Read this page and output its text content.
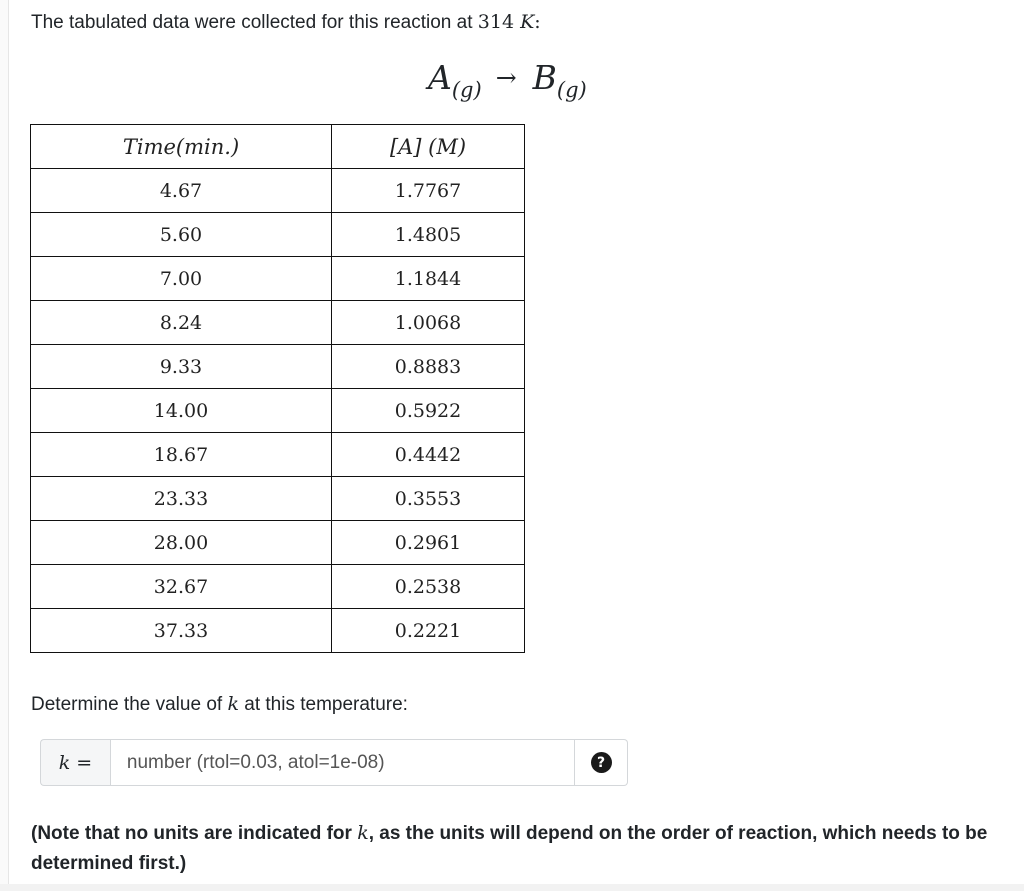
The tabulated data were collected for this reaction at 314 K:
$A_{(g)} \to B_{(g)}$
Time(min.)	[A] (M)
4.67	1.7767
5.60	1.4805
7.00	1.1844
8.24	1.0068
9.33	0.8883
14.00	0.5922
18.67	0.4442
23.33	0.3553
28.00	0.2961
32.67	0.2538
37.33	0.2221
Determine the value of k at this temperature:
k =
number (rtol=0.03, atol=1e-08)	?
(Note that no units are indicated for k, as the units will depend on the order of reaction, which needs to be determined first.)
